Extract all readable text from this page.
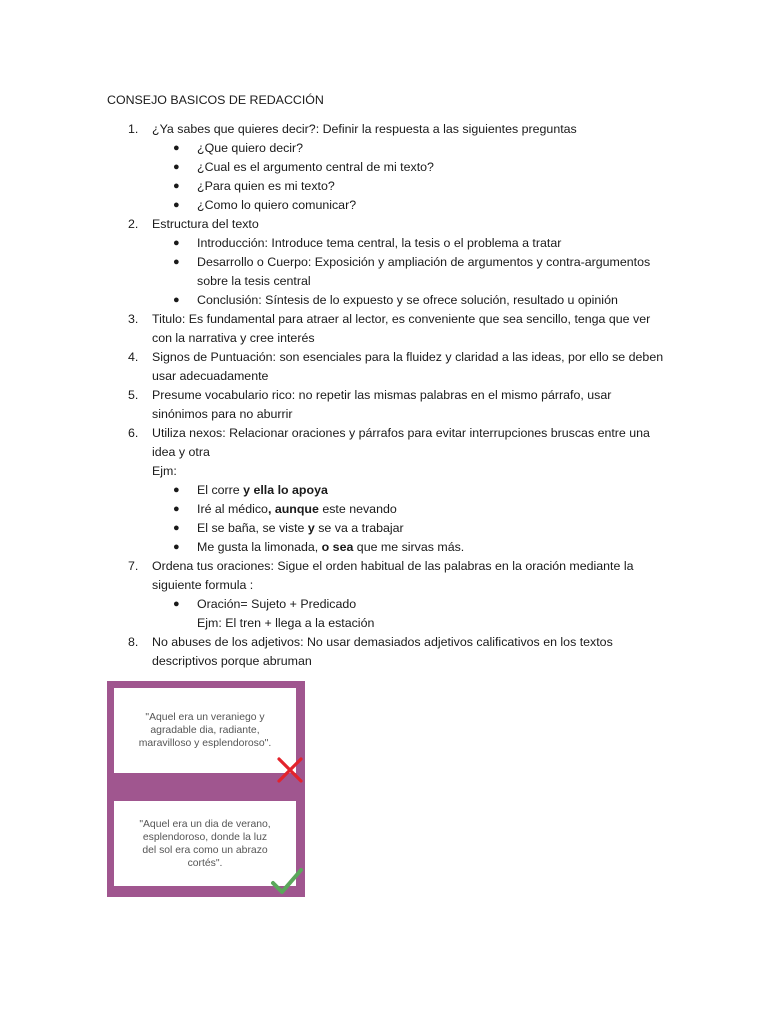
CONSEJO BASICOS DE REDACCIÓN
1. ¿Ya sabes que quieres decir?: Definir la respuesta a las siguientes preguntas
● ¿Que quiero decir?
● ¿Cual es el argumento central de mi texto?
● ¿Para quien es mi texto?
● ¿Como lo quiero comunicar?
2. Estructura del texto
● Introducción: Introduce tema central, la tesis o el problema a tratar
● Desarrollo o Cuerpo: Exposición y ampliación de argumentos y contra-argumentos sobre la tesis central
● Conclusión: Síntesis de lo expuesto y se ofrece solución, resultado u opinión
3. Titulo: Es fundamental para atraer al lector, es conveniente que sea sencillo, tenga que ver con la narrativa y cree interés
4. Signos de Puntuación: son esenciales para la fluidez y claridad a las ideas, por ello se deben usar adecuadamente
5. Presume vocabulario rico: no repetir las mismas palabras en el mismo párrafo, usar sinónimos para no aburrir
6. Utiliza nexos: Relacionar oraciones y párrafos para evitar interrupciones bruscas entre una idea y otra
Ejm:
● El corre y ella lo apoya
● Iré al médico, aunque este nevando
● El se baña, se viste y se va a trabajar
● Me gusta la limonada, o sea que me sirvas más.
7. Ordena tus oraciones: Sigue el orden habitual de las palabras en la oración mediante la siguiente formula :
● Oración= Sujeto + Predicado
Ejm: El tren + llega a la estación
8. No abuses de los adjetivos: No usar demasiados adjetivos calificativos en los textos descriptivos porque abruman
"Aquel era un veraniego y agradable dia, radiante, maravilloso y esplendoroso".
"Aquel era un dia de verano, esplendoroso, donde la luz del sol era como un abrazo cortés".
